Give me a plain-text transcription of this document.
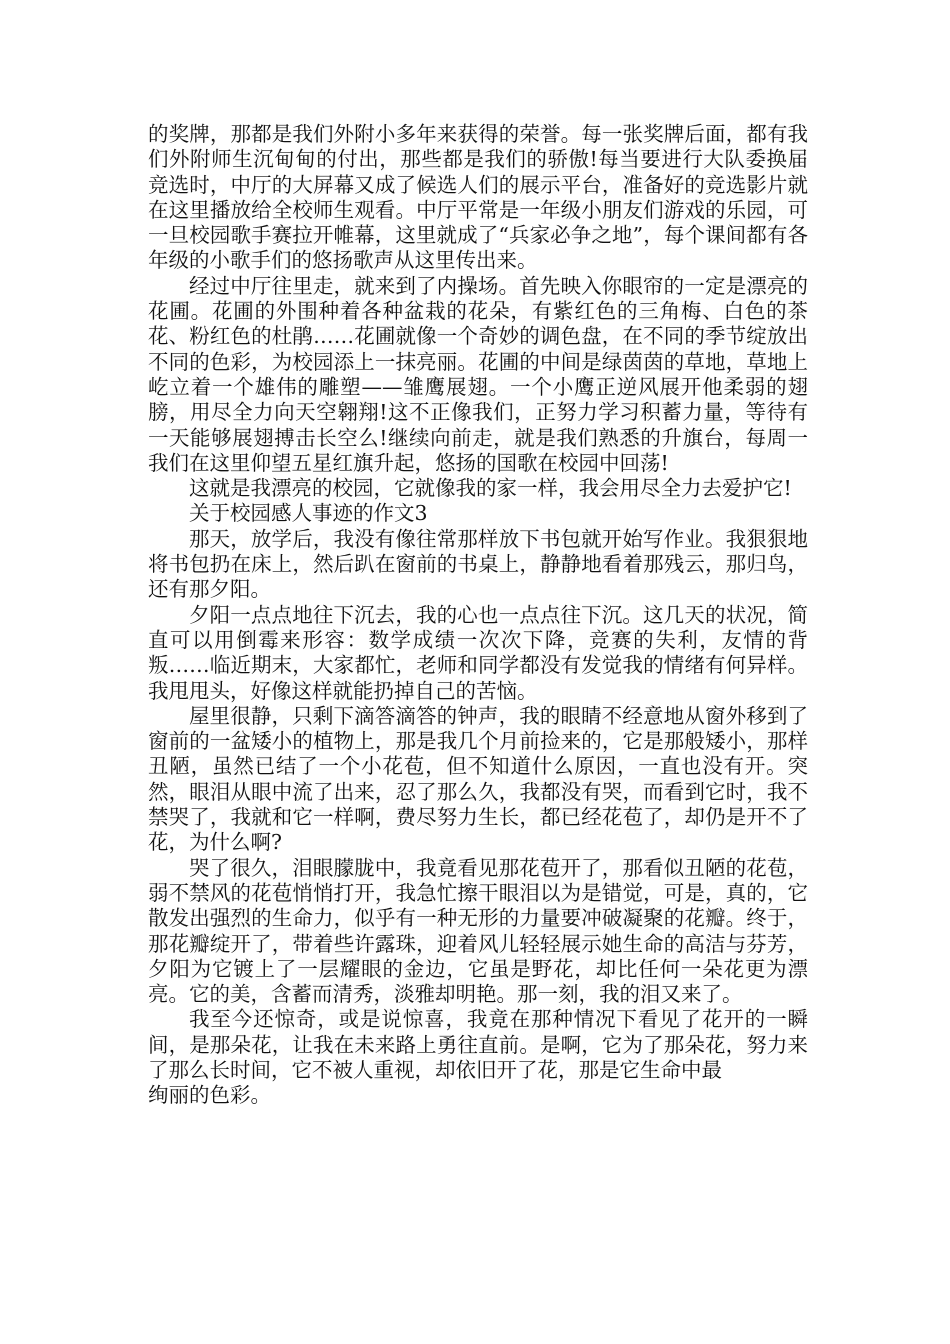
的奖牌，那都是我们外附小多年来获得的荣誉。每一张奖牌后面，都有我们外附师生沉甸甸的付出，那些都是我们的骄傲!每当要进行大队委换届竞选时，中厅的大屏幕又成了候选人们的展示平台，准备好的竞选影片就在这里播放给全校师生观看。中厅平常是一年级小朋友们游戏的乐园，可一旦校园歌手赛拉开帷幕，这里就成了“兵家必争之地”，每个课间都有各年级的小歌手们的悠扬歌声从这里传出来。

经过中厅往里走，就来到了内操场。首先映入你眼帘的一定是漂亮的花圃。花圃的外围种着各种盆栽的花朵，有紫红色的三角梅、白色的茶花、粉红色的杜鹃……花圃就像一个奇妙的调色盘，在不同的季节绽放出不同的色彩，为校园添上一抹亮丽。花圃的中间是绿茵茵的草地，草地上屹立着一个雄伟的雕塑——雏鹰展翅。一个小鹰正逆风展开他柔弱的翅膀，用尽全力向天空翱翔!这不正像我们，正努力学习积蓄力量，等待有一天能够展翅搏击长空么!继续向前走，就是我们熟悉的升旗台，每周一我们在这里仰望五星红旗升起，悠扬的国歌在校园中回荡!

这就是我漂亮的校园，它就像我的家一样，我会用尽全力去爱护它!

关于校园感人事迹的作文3

那天，放学后，我没有像往常那样放下书包就开始写作业。我狠狠地将书包扔在床上，然后趴在窗前的书桌上，静静地看着那残云，那归鸟，还有那夕阳。

夕阳一点点地往下沉去，我的心也一点点往下沉。这几天的状况，简直可以用倒霉来形容：数学成绩一次次下降，竞赛的失利，友情的背叛……临近期末，大家都忙，老师和同学都没有发觉我的情绪有何异样。我甩甩头，好像这样就能扔掉自己的苦恼。

屋里很静，只剩下滴答滴答的钟声，我的眼睛不经意地从窗外移到了窗前的一盆矮小的植物上，那是我几个月前捡来的，它是那般矮小，那样丑陋，虽然已结了一个小花苞，但不知道什么原因，一直也没有开。突然，眼泪从眼中流了出来，忍了那么久，我都没有哭，而看到它时，我不禁哭了，我就和它一样啊，费尽努力生长，都已经花苞了，却仍是开不了花，为什么啊?

哭了很久，泪眼朦胧中，我竟看见那花苞开了，那看似丑陋的花苞，弱不禁风的花苞悄悄打开，我急忙擦干眼泪以为是错觉，可是，真的，它散发出强烈的生命力，似乎有一种无形的力量要冲破凝聚的花瓣。终于，那花瓣绽开了，带着些许露珠，迎着风儿轻轻展示她生命的高洁与芬芳，夕阳为它镀上了一层耀眼的金边，它虽是野花，却比任何一朵花更为漂亮。它的美，含蓄而清秀，淡雅却明艳。那一刻，我的泪又来了。

我至今还惊奇，或是说惊喜，我竟在那种情况下看见了花开的一瞬间，是那朵花，让我在未来路上勇往直前。是啊，它为了那朵花，努力来了那么长时间，它不被人重视，却依旧开了花，那是它生命中最

绚丽的色彩。
